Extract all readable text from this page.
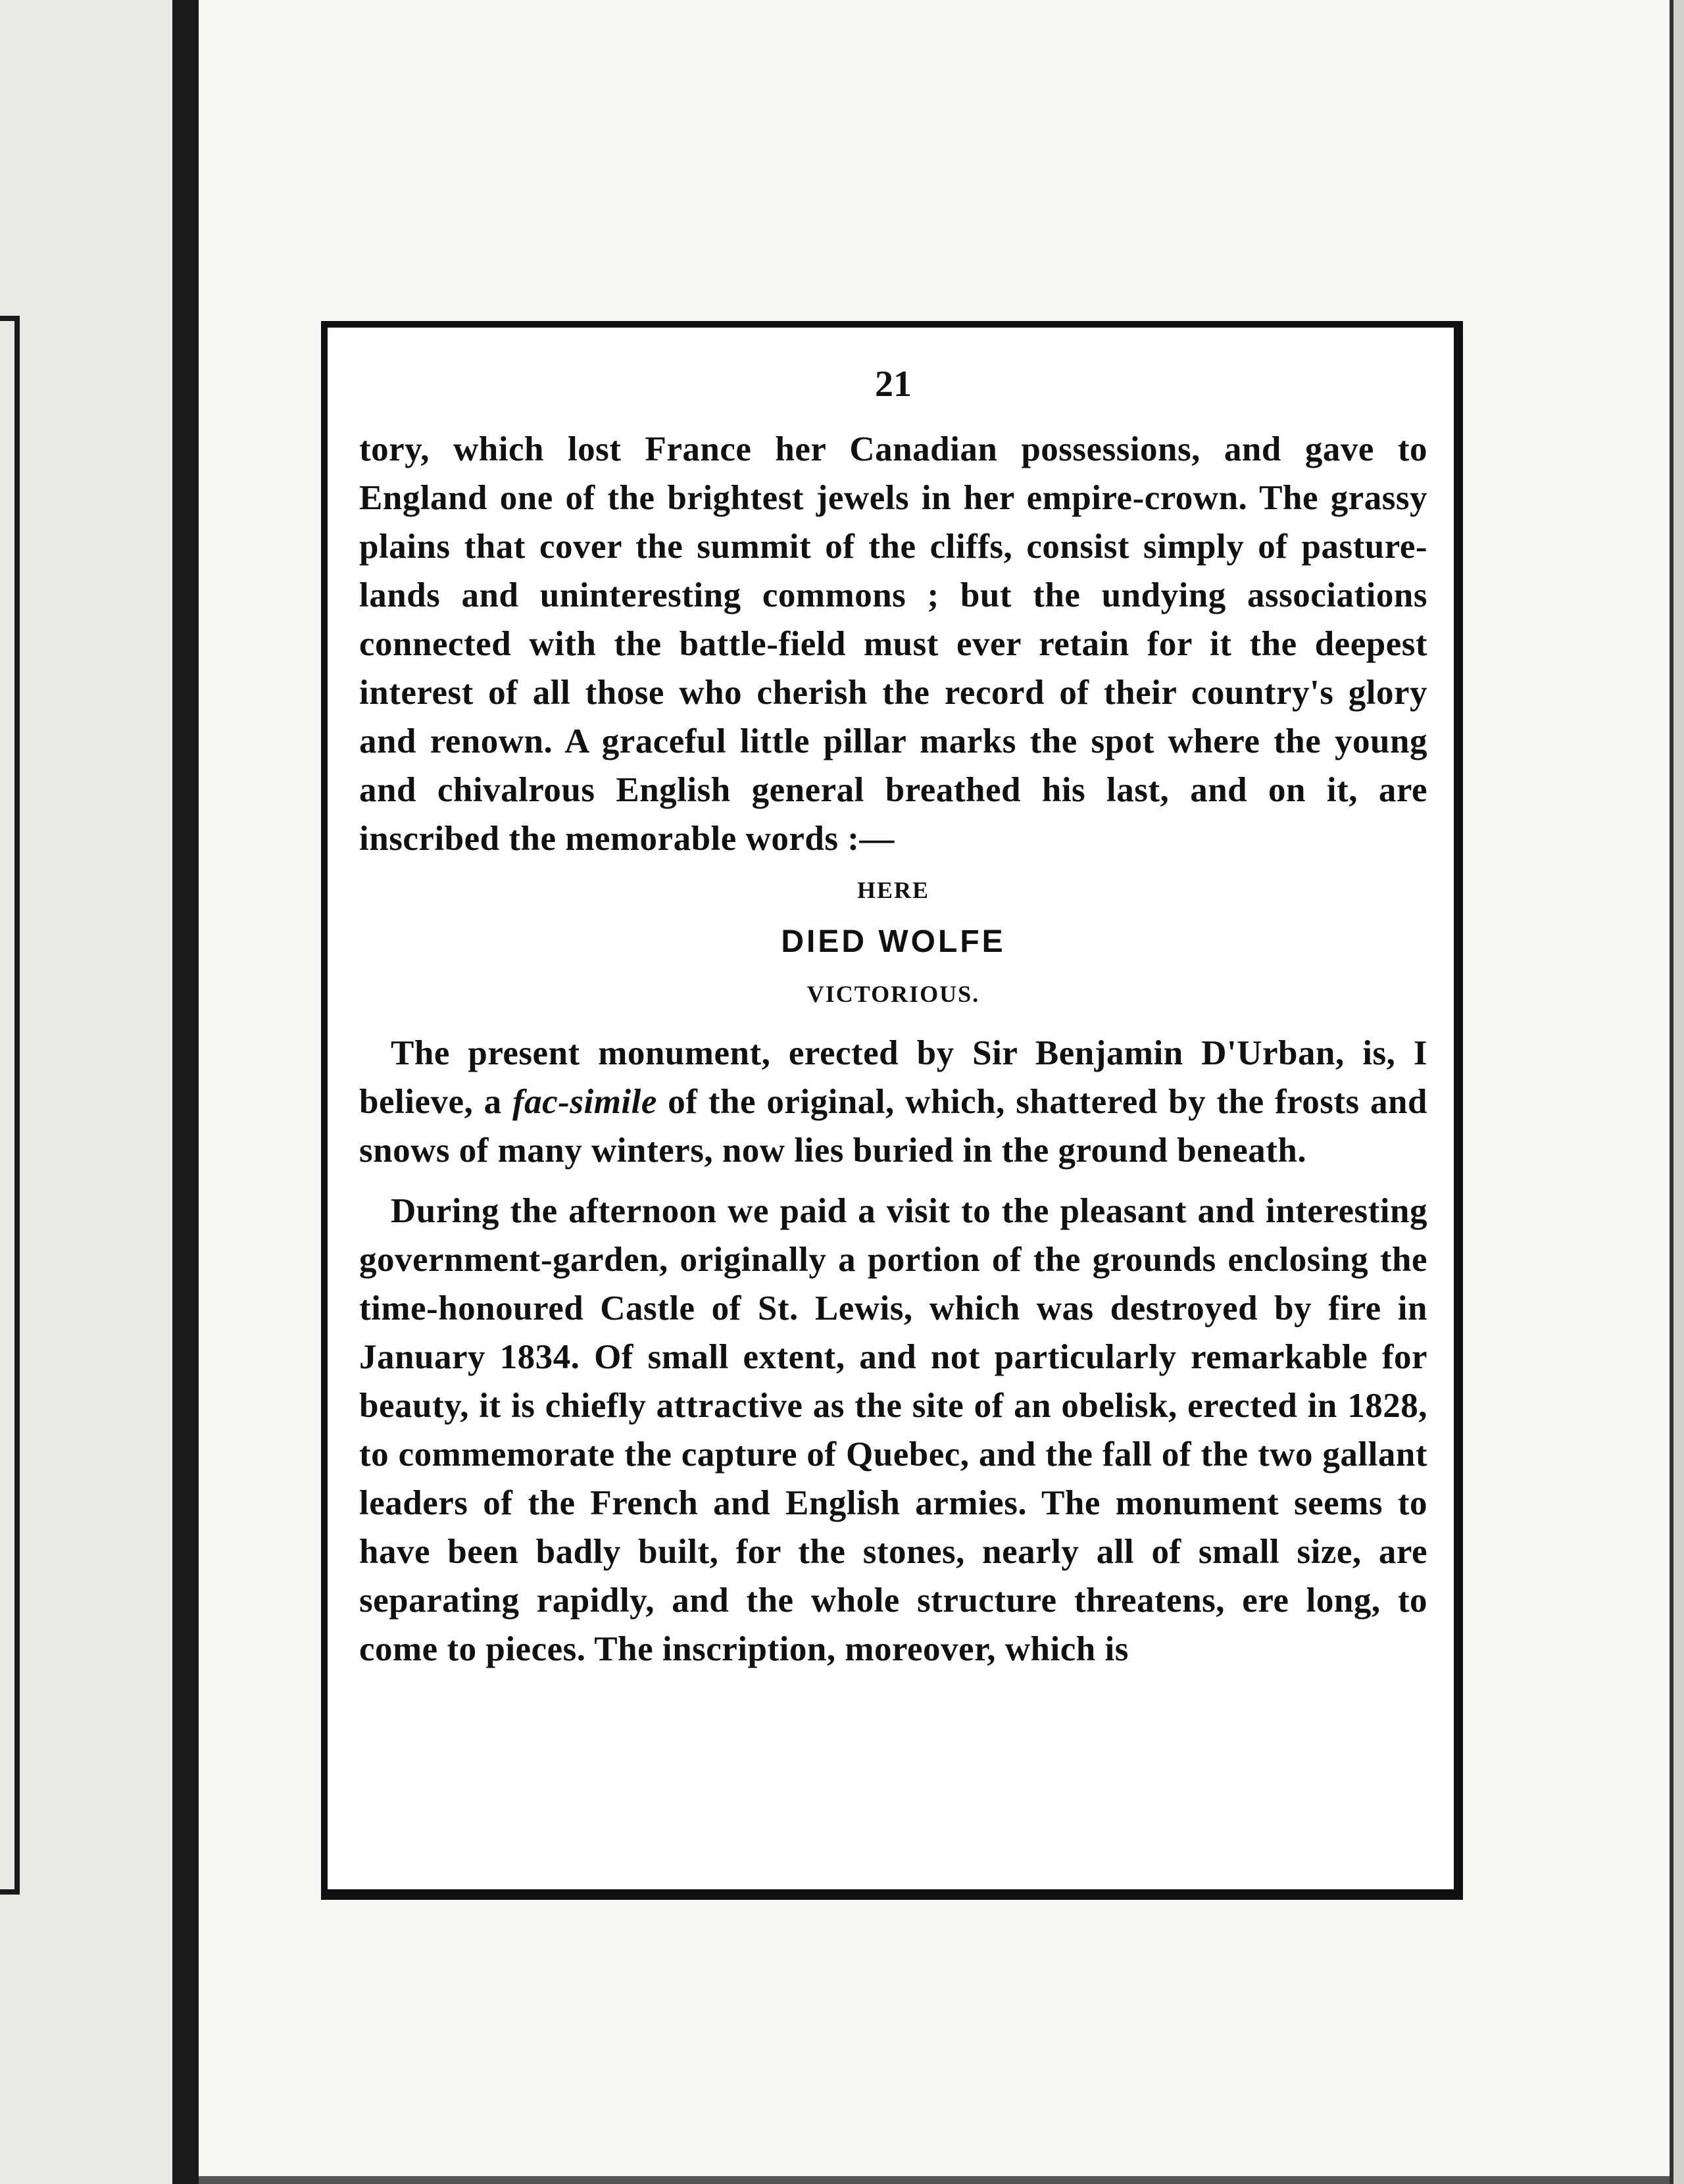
21

tory, which lost France her Canadian possessions, and gave to England one of the brightest jewels in her empire-crown. The grassy plains that cover the summit of the cliffs, consist simply of pasture-lands and uninteresting commons ; but the undying associations connected with the battle-field must ever retain for it the deepest interest of all those who cherish the record of their country's glory and renown. A graceful little pillar marks the spot where the young and chivalrous English general breathed his last, and on it, are inscribed the memorable words :—

HERE
DIED WOLFE
VICTORIOUS.

The present monument, erected by Sir Benjamin D'Urban, is, I believe, a fac-simile of the original, which, shattered by the frosts and snows of many winters, now lies buried in the ground beneath.

During the afternoon we paid a visit to the pleasant and interesting government-garden, originally a portion of the grounds enclosing the time-honoured Castle of St. Lewis, which was destroyed by fire in January 1834. Of small extent, and not particularly remarkable for beauty, it is chiefly attractive as the site of an obelisk, erected in 1828, to commemorate the capture of Quebec, and the fall of the two gallant leaders of the French and English armies. The monument seems to have been badly built, for the stones, nearly all of small size, are separating rapidly, and the whole structure threatens, ere long, to come to pieces. The inscription, moreover, which is
